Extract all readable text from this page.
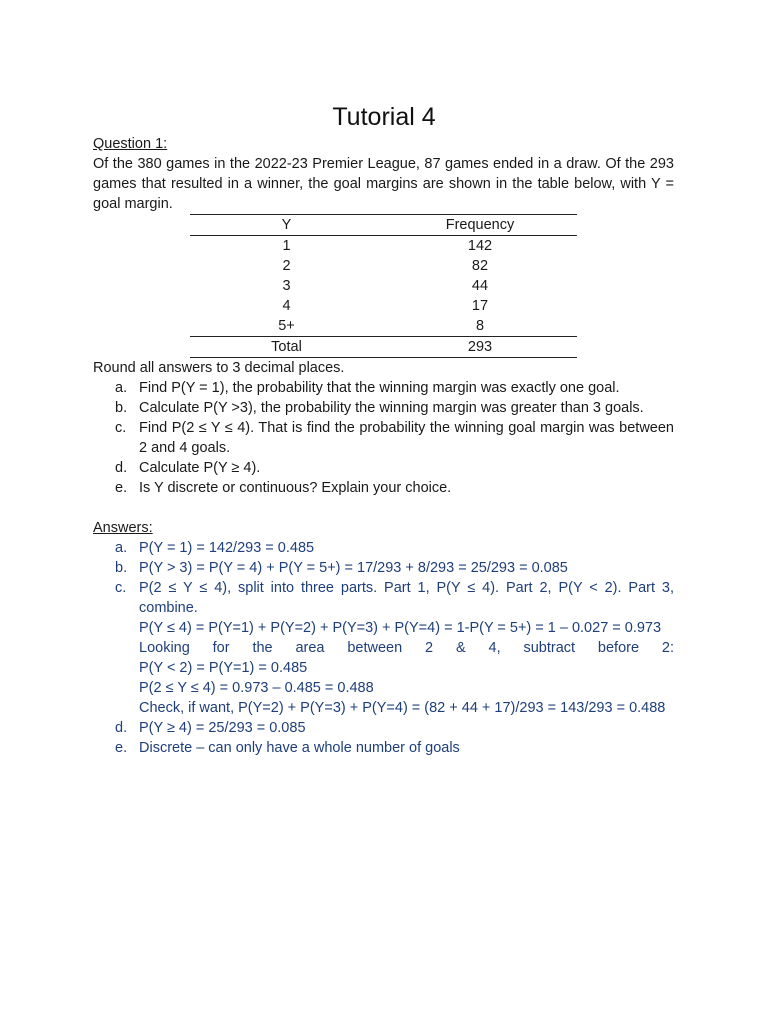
Tutorial 4
Question 1:
Of the 380 games in the 2022-23 Premier League, 87 games ended in a draw. Of the 293 games that resulted in a winner, the goal margins are shown in the table below, with Y = goal margin.
Y	Frequency
1	142
2	82
3	44
4	17
5+	8
Total	293
Round all answers to 3 decimal places.
a. Find P(Y = 1), the probability that the winning margin was exactly one goal.
b. Calculate P(Y >3), the probability the winning margin was greater than 3 goals.
c. Find P(2 ≤ Y ≤ 4). That is find the probability the winning goal margin was between 2 and 4 goals.
d. Calculate P(Y ≥ 4).
e. Is Y discrete or continuous? Explain your choice.
Answers:
a. P(Y = 1) = 142/293 = 0.485
b. P(Y > 3) = P(Y = 4) + P(Y = 5+) = 17/293 + 8/293 = 25/293 = 0.085
c. P(2 ≤ Y ≤ 4), split into three parts. Part 1, P(Y ≤ 4). Part 2, P(Y < 2). Part 3, combine.
P(Y ≤ 4) = P(Y=1) + P(Y=2) + P(Y=3) + P(Y=4) = 1-P(Y = 5+) = 1 – 0.027 = 0.973
Looking for the area between 2 & 4, subtract before 2:
P(Y < 2) = P(Y=1) = 0.485
P(2 ≤ Y ≤ 4) = 0.973 – 0.485 = 0.488
Check, if want, P(Y=2) + P(Y=3) + P(Y=4) = (82 + 44 + 17)/293 = 143/293 = 0.488
d. P(Y ≥ 4) = 25/293 = 0.085
e. Discrete – can only have a whole number of goals
